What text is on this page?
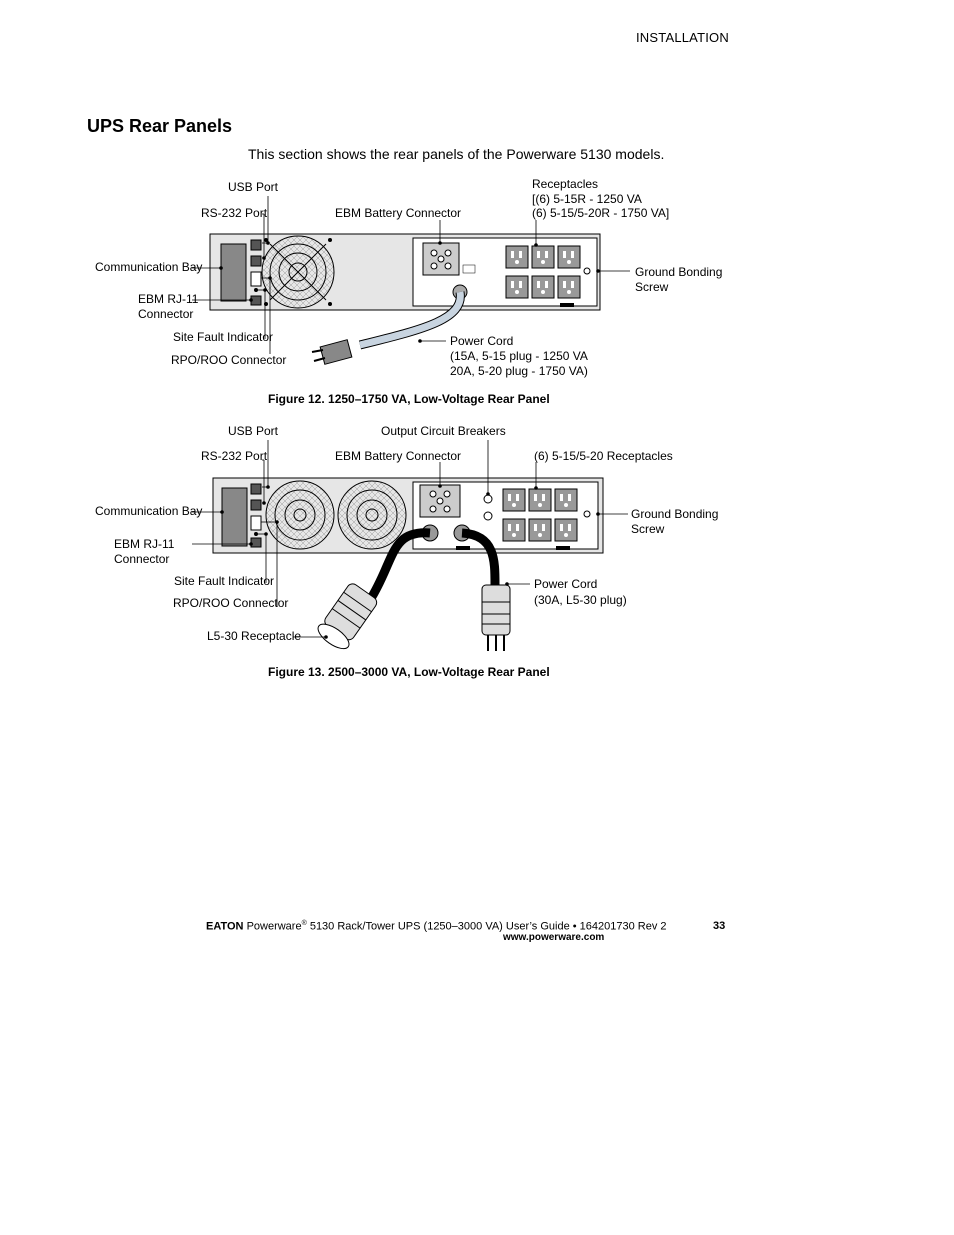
INSTALLATION
UPS Rear Panels
This section shows the rear panels of the Powerware 5130 models.
USB Port
RS-232 Port	EBM Battery Connector
Receptacles
[(6) 5-15R - 1250 VA
(6) 5-15/5-20R - 1750 VA]
Communication Bay	Ground Bonding
Screw
EBM RJ-11
Connector
Site Fault Indicator	Power Cord
(15A, 5-15 plug - 1250 VA
RPO/ROO Connector
20A, 5-20 plug - 1750 VA)
Figure 12. 1250–1750 VA, Low-Voltage Rear Panel
USB Port	Output Circuit Breakers
RS-232 Port	EBM Battery Connector	(6) 5-15/5-20 Receptacles
Communication Bay	Ground Bonding
Screw
EBM RJ-11
Connector
Site Fault Indicator	Power Cord
(30A, L5-30 plug)
RPO/ROO Connector
L5-30 Receptacle
Figure 13. 2500–3000 VA, Low-Voltage Rear Panel
EATON Powerware® 5130 Rack/Tower UPS (1250–3000 VA) User’s Guide • 164201730 Rev 2	33
www.powerware.com
